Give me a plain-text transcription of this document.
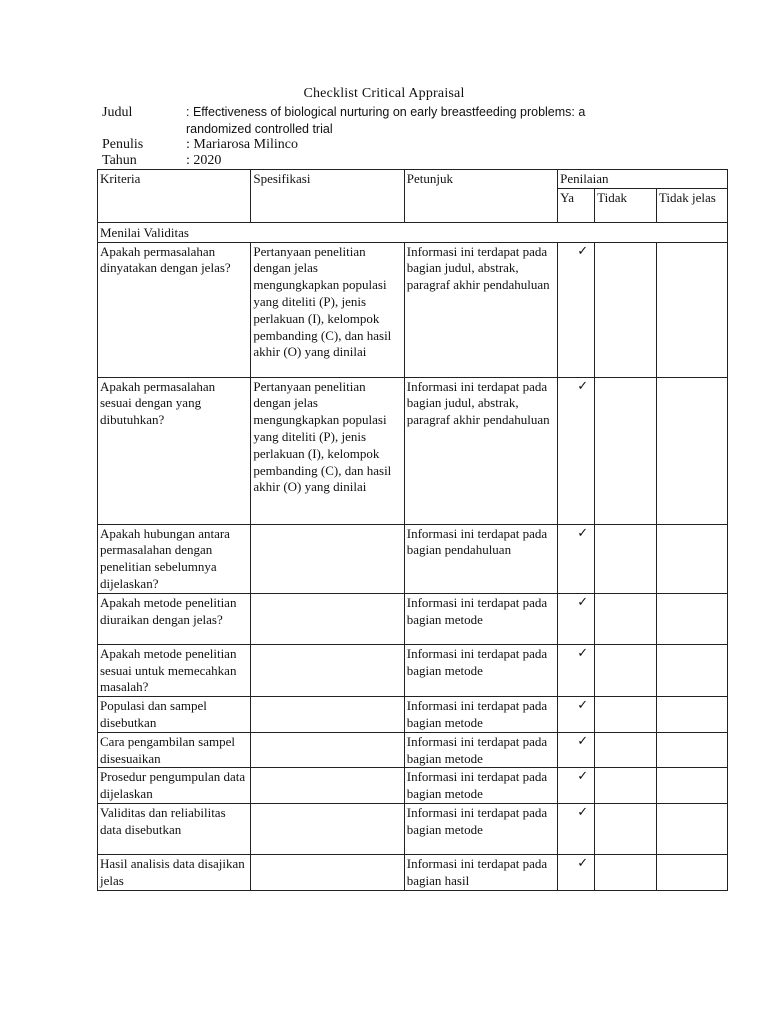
Checklist Critical Appraisal
Judul	: Effectiveness of biological nurturing on early breastfeeding problems: a
randomized controlled trial
Penulis	: Mariarosa Milinco
Tahun	: 2020
Kriteria	Spesifikasi	Petunjuk	Penilaian		
			Ya	Tidak	Tidak jelas
Menilai Validitas					
Apakah permasalahan dinyatakan dengan jelas?	Pertanyaan penelitian dengan jelas mengungkapkan populasi yang diteliti (P), jenis perlakuan (I), kelompok pembanding (C), dan hasil akhir (O) yang dinilai	Informasi ini terdapat pada bagian judul, abstrak, paragraf akhir pendahuluan	✓		
Apakah permasalahan sesuai dengan yang dibutuhkan?	Pertanyaan penelitian dengan jelas mengungkapkan populasi yang diteliti (P), jenis perlakuan (I), kelompok pembanding (C), dan hasil akhir (O) yang dinilai	Informasi ini terdapat pada bagian judul, abstrak, paragraf akhir pendahuluan	✓		
Apakah hubungan antara permasalahan dengan penelitian sebelumnya dijelaskan?		Informasi ini terdapat pada bagian pendahuluan	✓		
Apakah metode penelitian diuraikan dengan jelas?		Informasi ini terdapat pada bagian metode	✓		
Apakah metode penelitian sesuai untuk memecahkan masalah?		Informasi ini terdapat pada bagian metode	✓		
Populasi dan sampel disebutkan		Informasi ini terdapat pada bagian metode	✓		
Cara pengambilan sampel disesuaikan		Informasi ini terdapat pada bagian metode	✓		
Prosedur pengumpulan data dijelaskan		Informasi ini terdapat pada bagian metode	✓		
Validitas dan reliabilitas data disebutkan		Informasi ini terdapat pada bagian metode	✓		
Hasil analisis data disajikan jelas		Informasi ini terdapat pada bagian hasil	✓		
